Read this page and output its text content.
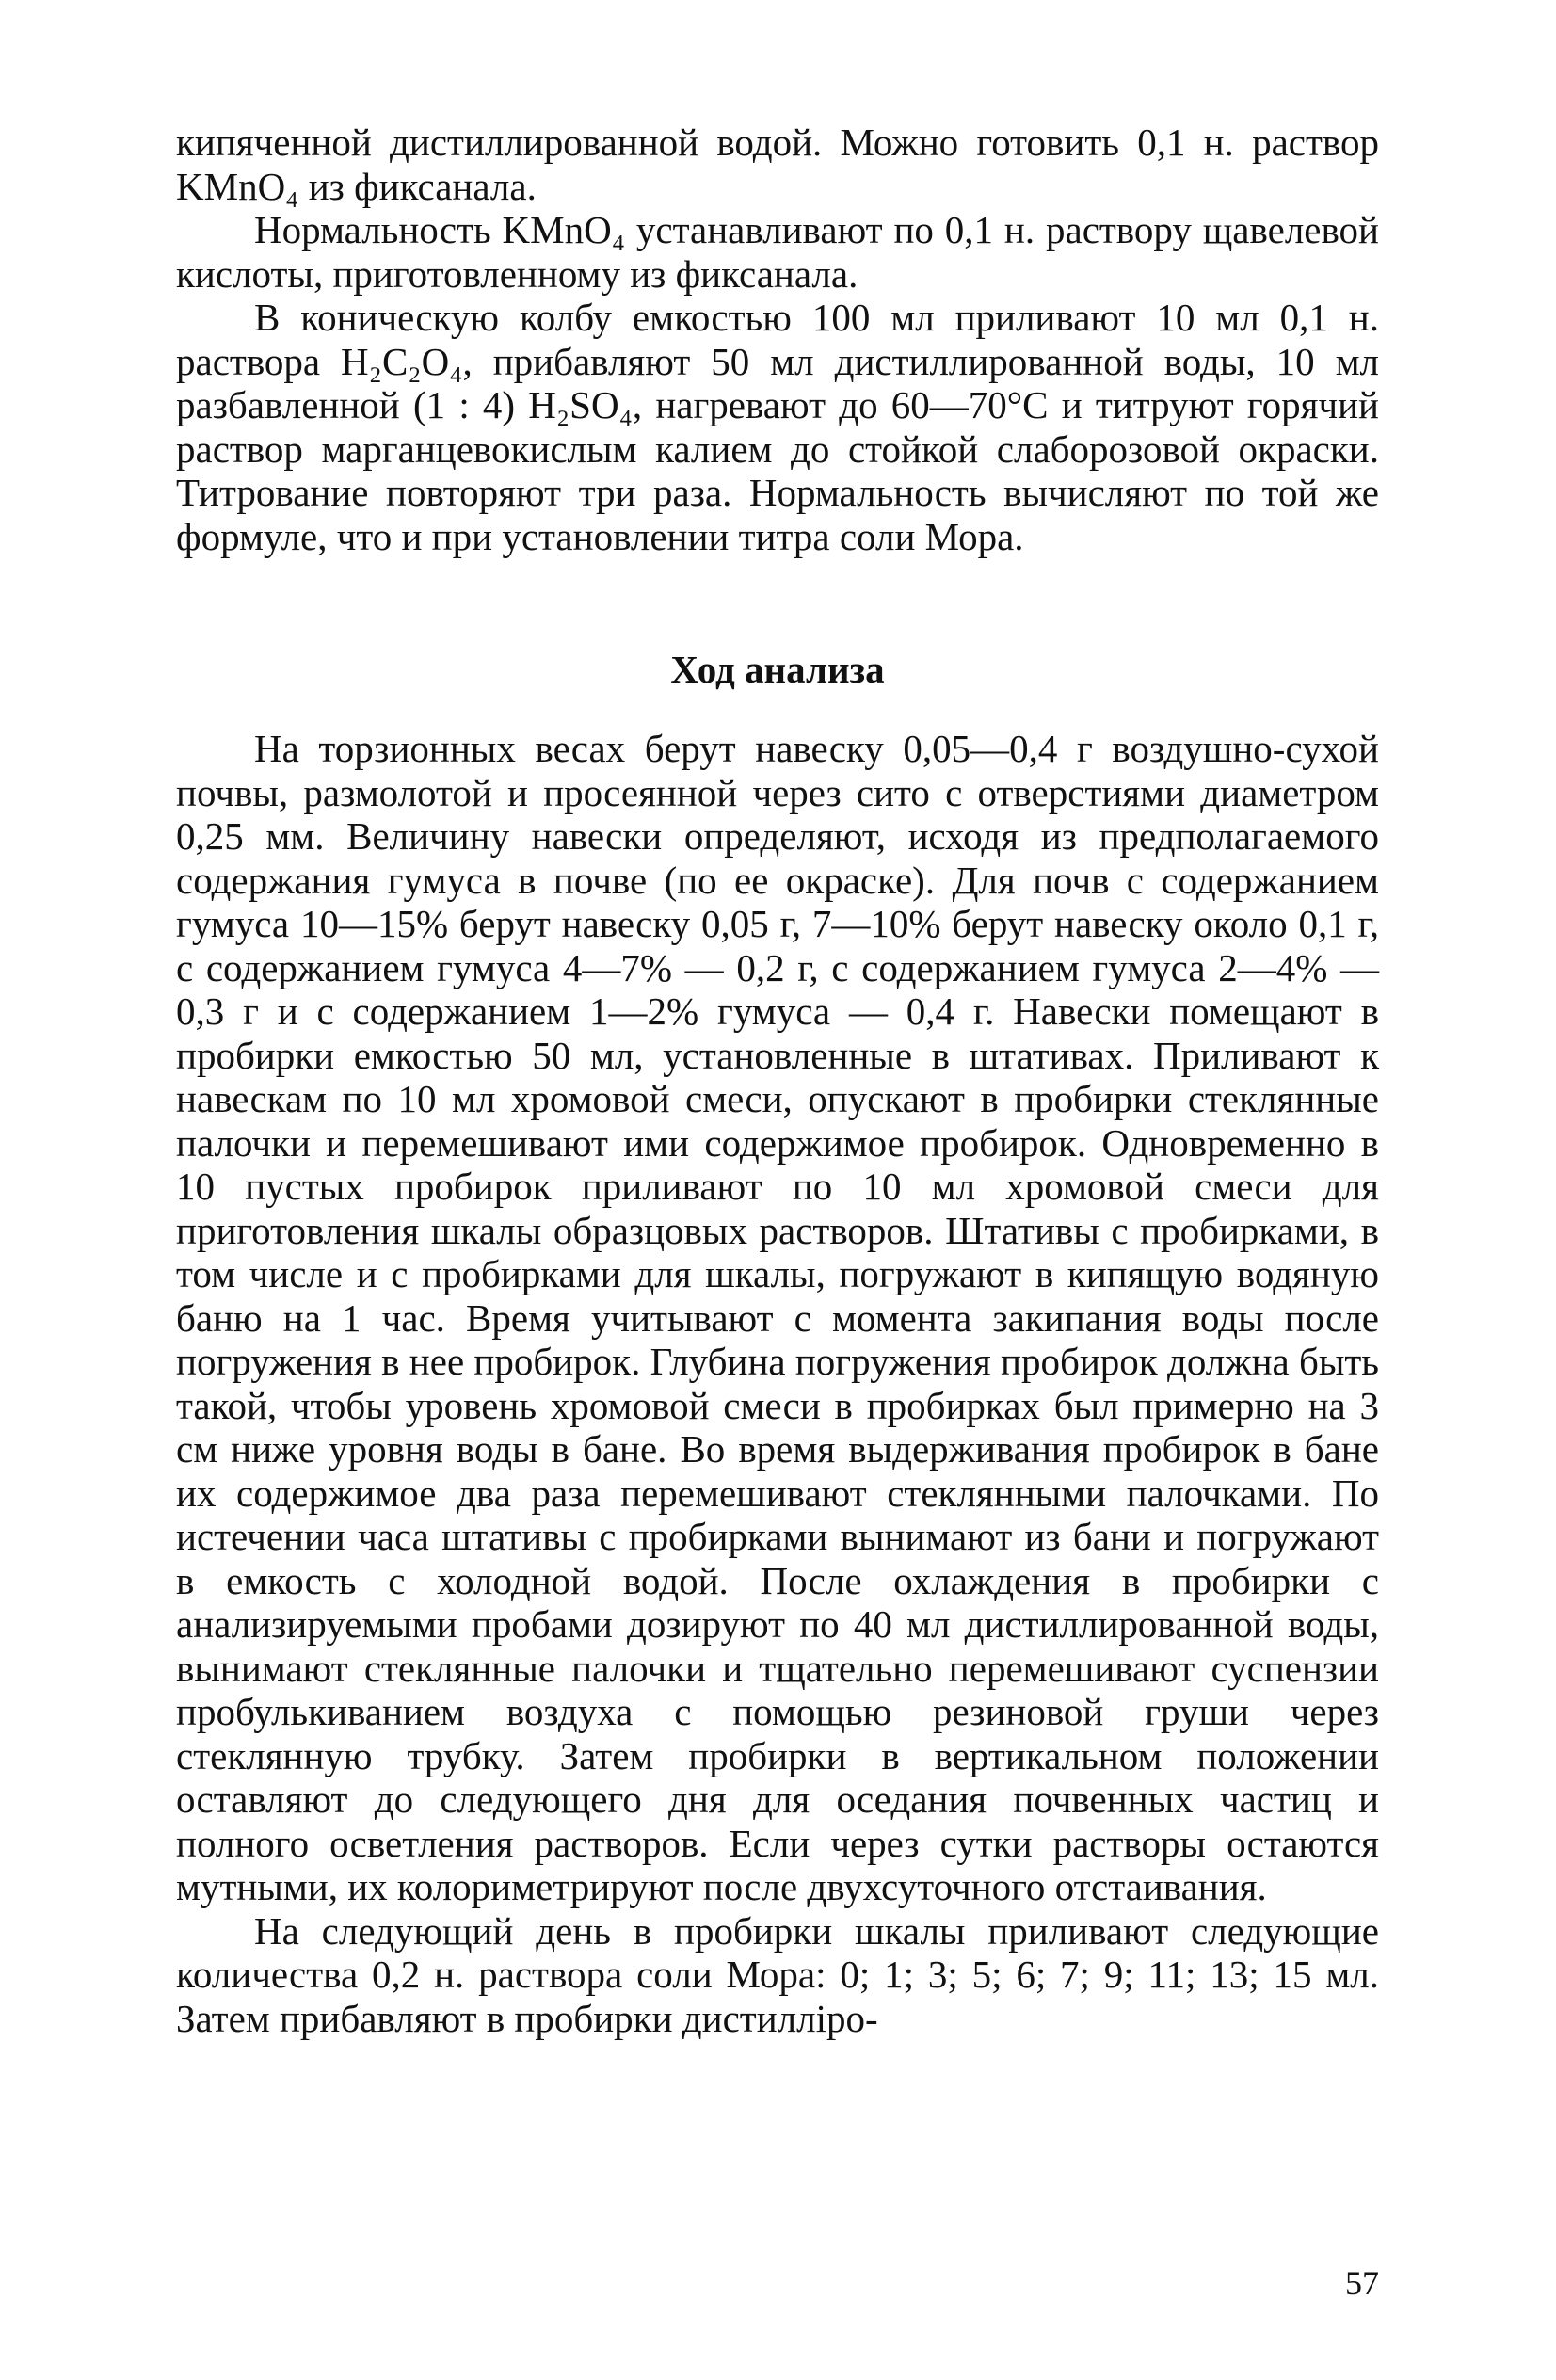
кипяченной дистиллированной водой. Можно готовить 0,1 н. раствор KMnO₄ из фиксанала.

Нормальность KMnO₄ устанавливают по 0,1 н. раствору щавелевой кислоты, приготовленному из фиксанала.

В коническую колбу емкостью 100 мл приливают 10 мл 0,1 н. раствора H₂C₂O₄, прибавляют 50 мл дистиллированной воды, 10 мл разбавленной (1 : 4) H₂SO₄, нагревают до 60—70°С и титруют горячий раствор марганцевокислым калием до стойкой слаборозовой окраски. Титрование повторяют три раза. Нормальность вычисляют по той же формуле, что и при установлении титра соли Мора.

Ход анализа

На торзионных весах берут навеску 0,05—0,4 г воздушно-сухой почвы, размолотой и просеянной через сито с отверстиями диаметром 0,25 мм. Величину навески определяют, исходя из предполагаемого содержания гумуса в почве (по ее окраске). Для почв с содержанием гумуса 10—15% берут навеску 0,05 г, 7—10% берут навеску около 0,1 г, с содержанием гумуса 4—7% — 0,2 г, с содержанием гумуса 2—4% — 0,3 г и с содержанием 1—2% гумуса — 0,4 г. Навески помещают в пробирки емкостью 50 мл, установленные в штативах. Приливают к навескам по 10 мл хромовой смеси, опускают в пробирки стеклянные палочки и перемешивают ими содержимое пробирок. Одновременно в 10 пустых пробирок приливают по 10 мл хромовой смеси для приготовления шкалы образцовых растворов. Штативы с пробирками, в том числе и с пробирками для шкалы, погружают в кипящую водяную баню на 1 час. Время учитывают с момента закипания воды после погружения в нее пробирок. Глубина погружения пробирок должна быть такой, чтобы уровень хромовой смеси в пробирках был примерно на 3 см ниже уровня воды в бане. Во время выдерживания пробирок в бане их содержимое два раза перемешивают стеклянными палочками. По истечении часа штативы с пробирками вынимают из бани и погружают в емкость с холодной водой. После охлаждения в пробирки с анализируемыми пробами дозируют по 40 мл дистиллированной воды, вынимают стеклянные палочки и тщательно перемешивают суспензии пробулькиванием воздуха с помощью резиновой груши через стеклянную трубку. Затем пробирки в вертикальном положении оставляют до следующего дня для оседания почвенных частиц и полного осветления растворов. Если через сутки растворы остаются мутными, их колориметрируют после двухсуточного отстаивания.

На следующий день в пробирки шкалы приливают следующие количества 0,2 н. раствора соли Мора: 0; 1; 3; 5; 6; 7; 9; 11; 13; 15 мл. Затем прибавляют в пробирки дистилліро-

57
